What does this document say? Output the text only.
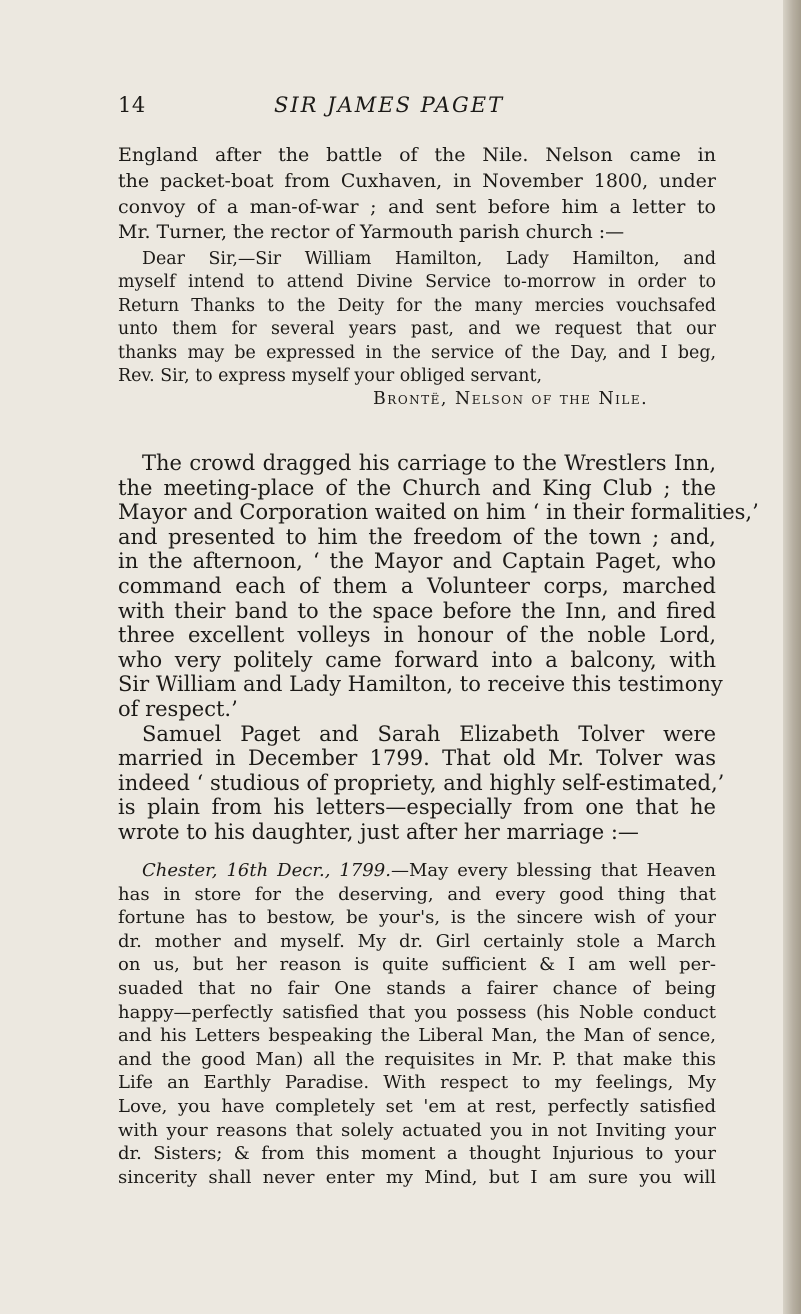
14	SIR JAMES PAGET
England after the battle of the Nile. Nelson came in
the packet-boat from Cuxhaven, in November 1800, under
convoy of a man-of-war ; and sent before him a letter to
Mr. Turner, the rector of Yarmouth parish church :—
Dear Sir,—Sir William Hamilton, Lady Hamilton, and
myself intend to attend Divine Service to-morrow in order to
Return Thanks to the Deity for the many mercies vouchsafed
unto them for several years past, and we request that our
thanks may be expressed in the service of the Day, and I beg,
Rev. Sir, to express myself your obliged servant,
Brontë, Nelson of the Nile.
The crowd dragged his carriage to the Wrestlers Inn,
the meeting-place of the Church and King Club ; the
Mayor and Corporation waited on him ‘ in their formalities,’
and presented to him the freedom of the town ; and,
in the afternoon, ‘ the Mayor and Captain Paget, who
command each of them a Volunteer corps, marched
with their band to the space before the Inn, and fired
three excellent volleys in honour of the noble Lord,
who very politely came forward into a balcony, with
Sir William and Lady Hamilton, to receive this testimony
of respect.’
Samuel Paget and Sarah Elizabeth Tolver were
married in December 1799. That old Mr. Tolver was
indeed ‘ studious of propriety, and highly self-estimated,’
is plain from his letters—especially from one that he
wrote to his daughter, just after her marriage :—
Chester, 16th Decr., 1799.—May every blessing that Heaven
has in store for the deserving, and every good thing that
fortune has to bestow, be your's, is the sincere wish of your
dr. mother and myself. My dr. Girl certainly stole a March
on us, but her reason is quite sufficient & I am well per-
suaded that no fair One stands a fairer chance of being
happy—perfectly satisfied that you possess (his Noble conduct
and his Letters bespeaking the Liberal Man, the Man of sence,
and the good Man) all the requisites in Mr. P. that make this
Life an Earthly Paradise. With respect to my feelings, My
Love, you have completely set 'em at rest, perfectly satisfied
with your reasons that solely actuated you in not Inviting your
dr. Sisters; & from this moment a thought Injurious to your
sincerity shall never enter my Mind, but I am sure you will
